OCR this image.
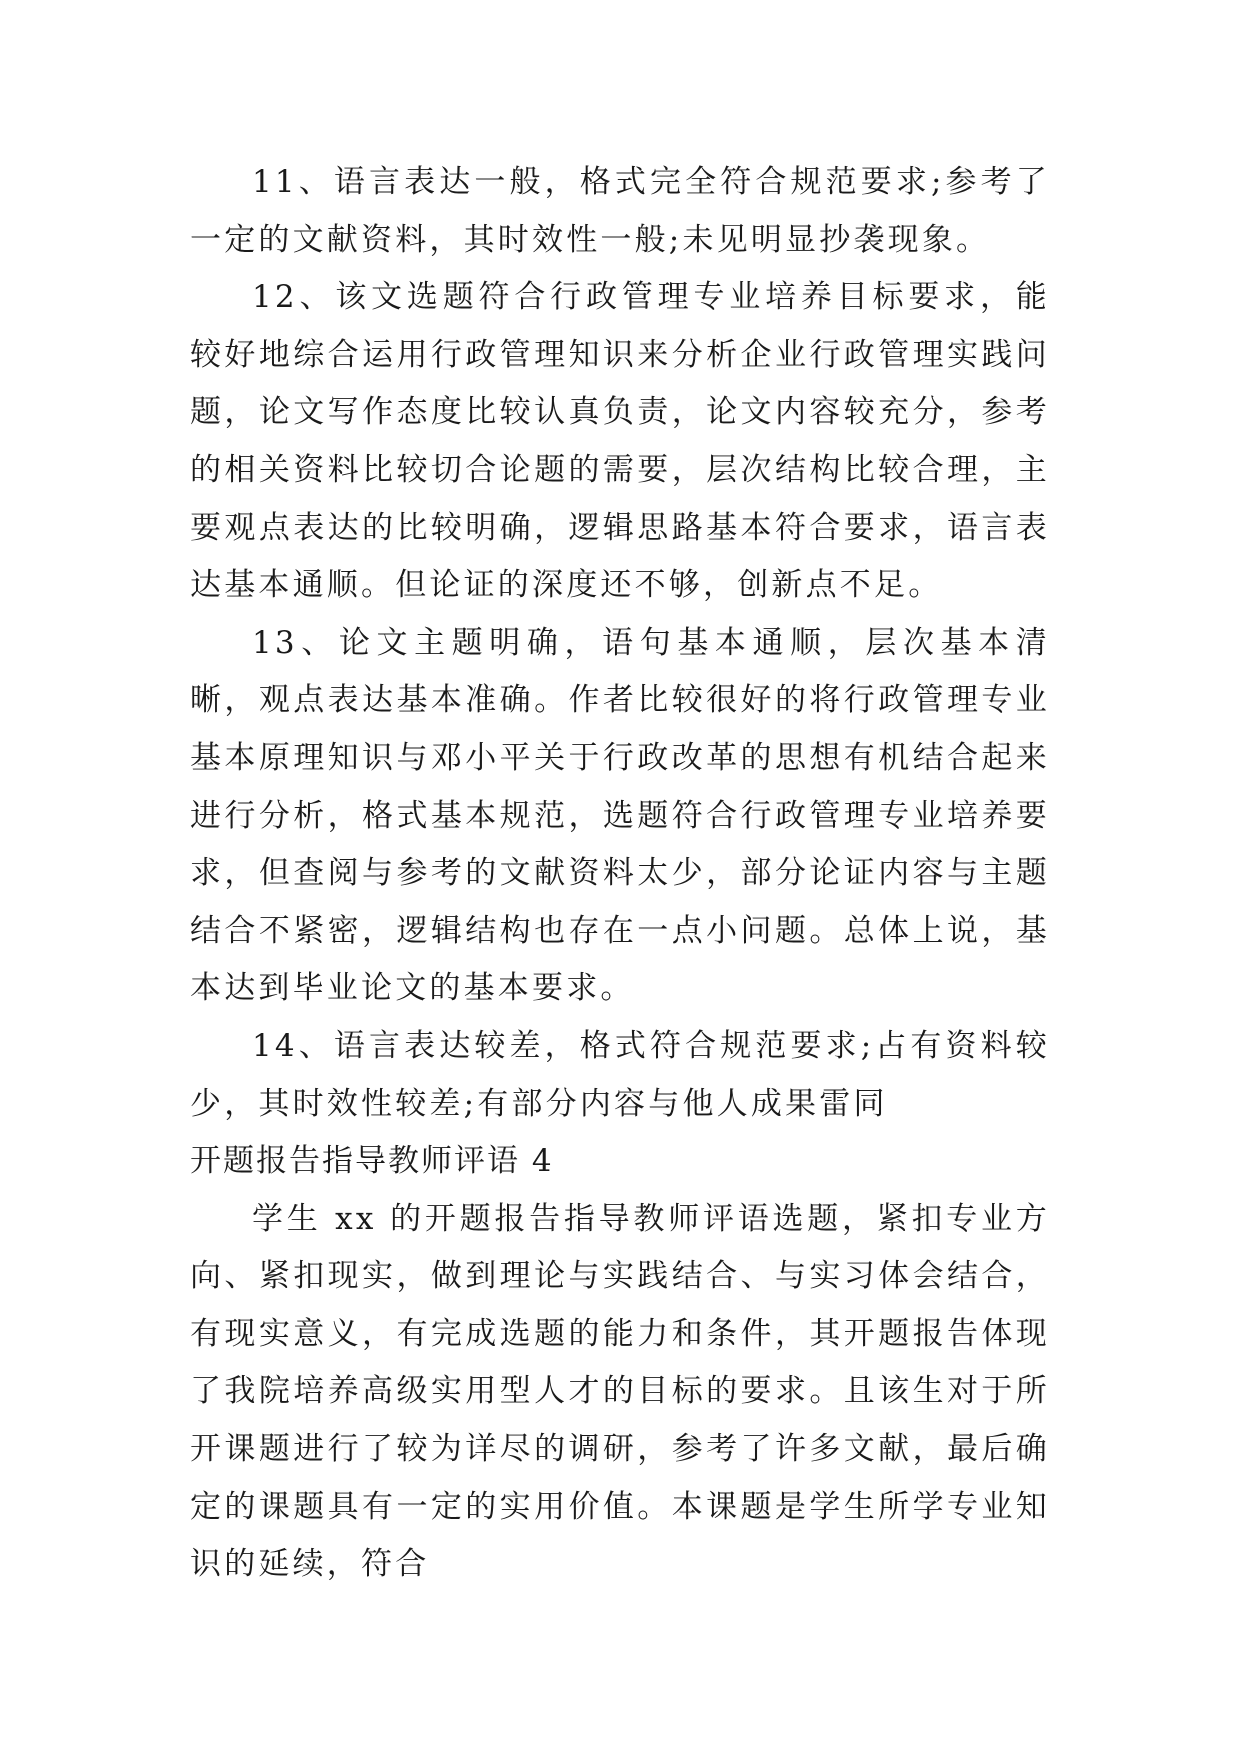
11、语言表达一般，格式完全符合规范要求;参考了一定的文献资料，其时效性一般;未见明显抄袭现象。

12、该文选题符合行政管理专业培养目标要求，能较好地综合运用行政管理知识来分析企业行政管理实践问题，论文写作态度比较认真负责，论文内容较充分，参考的相关资料比较切合论题的需要，层次结构比较合理，主要观点表达的比较明确，逻辑思路基本符合要求，语言表达基本通顺。但论证的深度还不够，创新点不足。

13、论文主题明确，语句基本通顺，层次基本清晰，观点表达基本准确。作者比较很好的将行政管理专业基本原理知识与邓小平关于行政改革的思想有机结合起来进行分析，格式基本规范，选题符合行政管理专业培养要求，但查阅与参考的文献资料太少，部分论证内容与主题结合不紧密，逻辑结构也存在一点小问题。总体上说，基本达到毕业论文的基本要求。

14、语言表达较差，格式符合规范要求;占有资料较少，其时效性较差;有部分内容与他人成果雷同

开题报告指导教师评语 4

学生 xx 的开题报告指导教师评语选题，紧扣专业方向、紧扣现实，做到理论与实践结合、与实习体会结合，有现实意义，有完成选题的能力和条件，其开题报告体现了我院培养高级实用型人才的目标的要求。且该生对于所开课题进行了较为详尽的调研，参考了许多文献，最后确定的课题具有一定的实用价值。本课题是学生所学专业知识的延续，符合
